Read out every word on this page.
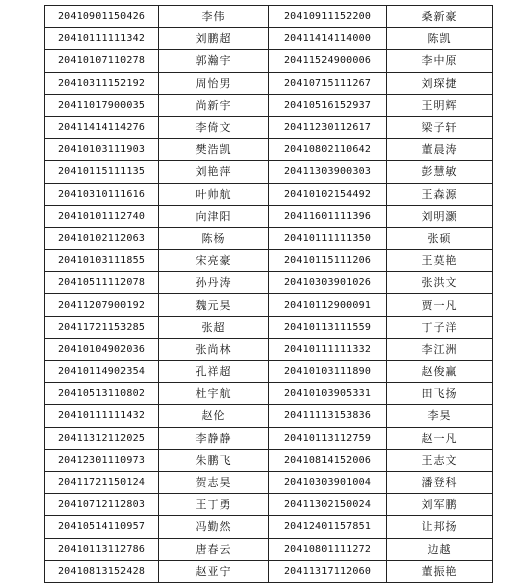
20410901150426	李伟	20410911152200	桑新豪
20410111111342	刘鹏超	20411414114000	陈凯
20410107110278	郭瀚宇	20411524900006	李中原
20410311152192	周怡男	20410715111267	刘琛捷
20411017900035	尚新宇	20410516152937	王明辉
20411414114276	李倚文	20411230112617	梁子轩
20410103111903	樊浩凯	20410802110642	董晨涛
20410115111135	刘艳萍	20411303900303	彭慧敏
20410310111616	叶帅航	20410102154492	王森源
20410101112740	向津阳	20411601111396	刘明灏
20410102112063	陈杨	20410111111350	张硕
20410103111855	宋亮豪	20410115111206	王莫艳
20410511112078	孙丹涛	20410303901026	张洪文
20411207900192	魏元昊	20410112900091	贾一凡
20411721153285	张超	20410113111559	丁子洋
20410104902036	张尚林	20410111111332	李江洲
20410114902354	孔祥超	20410103111890	赵俊赢
20410513110802	杜宇航	20410103905331	田飞扬
20410111111432	赵伦	20411113153836	李昊
20411312112025	李静静	20410113112759	赵一凡
20412301110973	朱鹏飞	20410814152006	王志文
20411721150124	贺志昊	20410303901004	潘登科
20410712112803	王丁勇	20411302150024	刘军鹏
20410514110957	冯勤然	20412401157851	让邦扬
20410113112786	唐春云	20410801111272	边越
20410813152428	赵亚宁	20411317112060	董振艳
